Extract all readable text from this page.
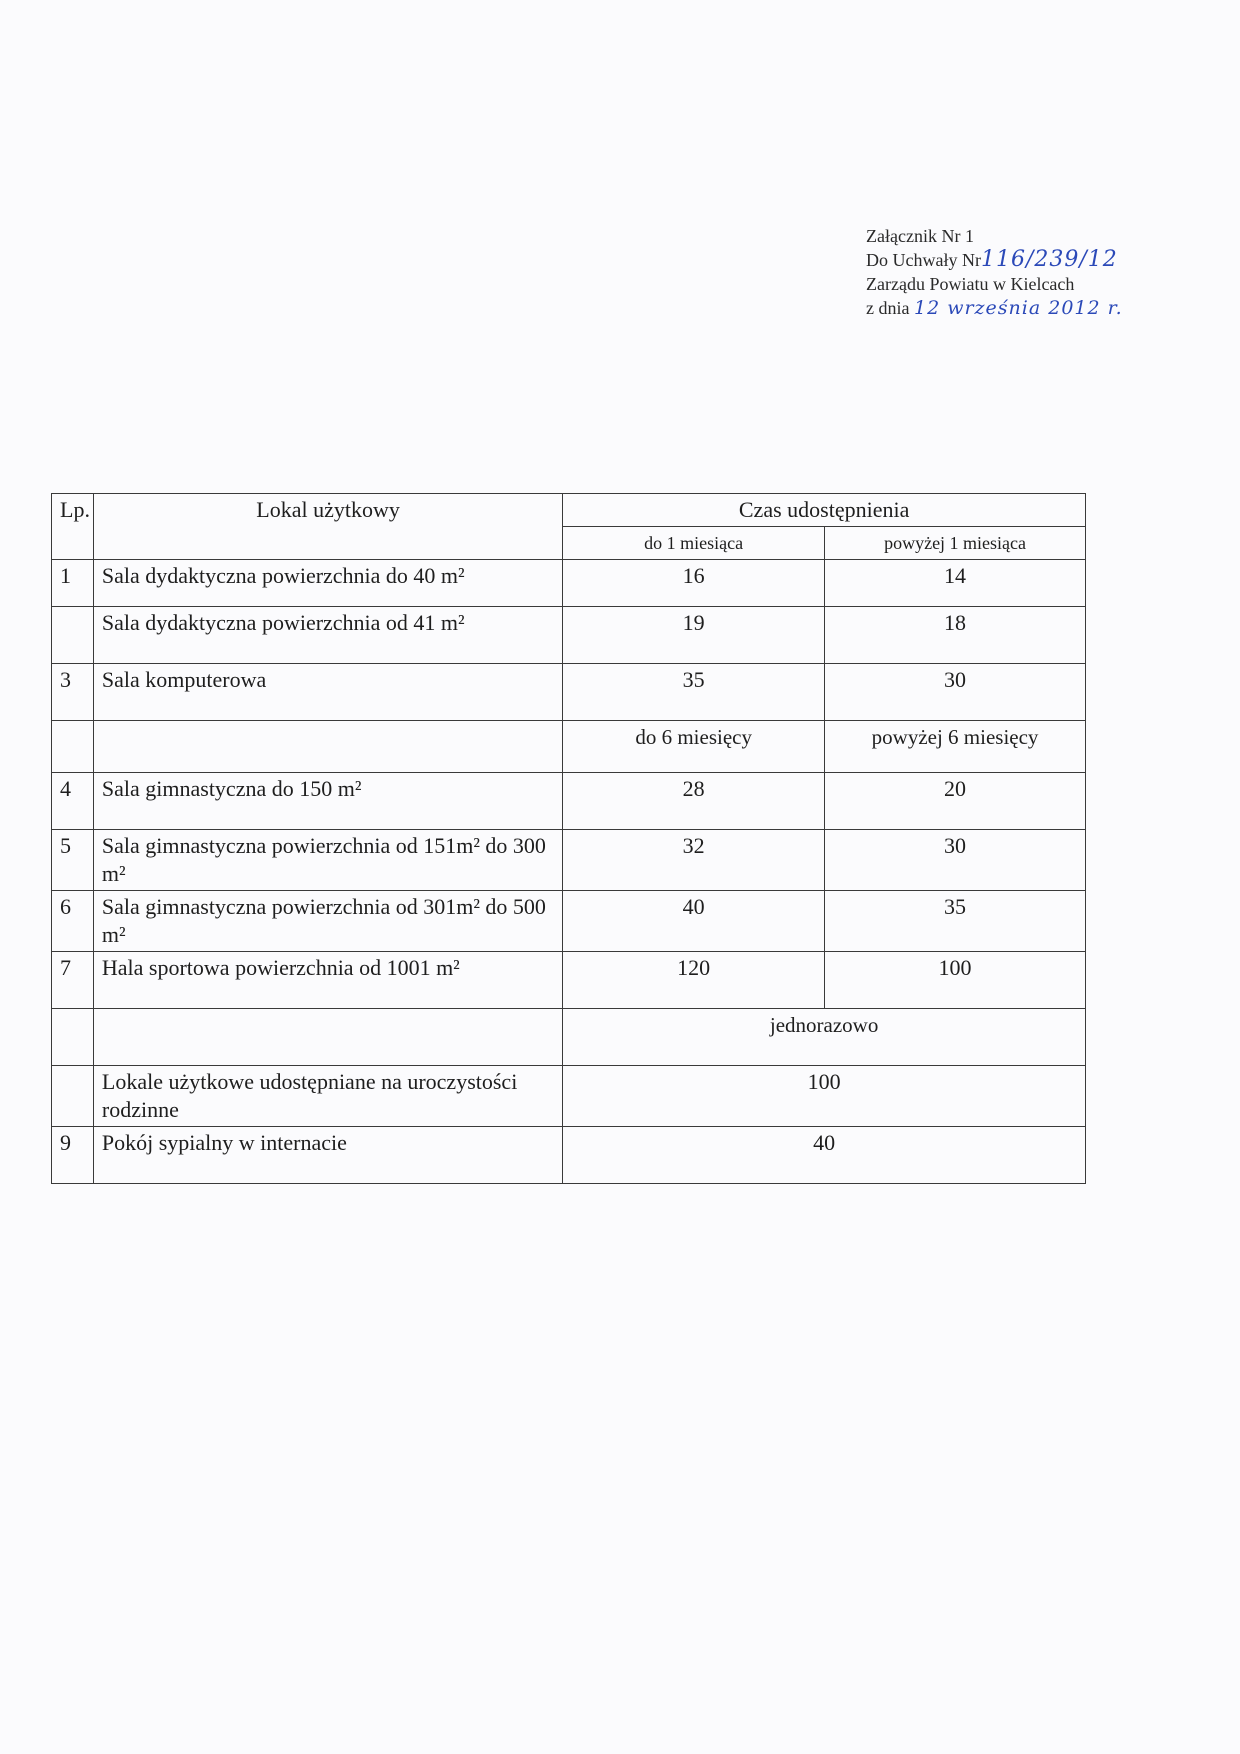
Załącznik Nr 1
Do Uchwały Nr116/239/12
Zarządu Powiatu w Kielcach
z dnia 12 września 2012 r.
Lp.	Lokal użytkowy	Czas udostępnienia	
		do 1 miesiąca	powyżej 1 miesiąca
1	Sala dydaktyczna powierzchnia do 40 m²	16	14
	Sala dydaktyczna powierzchnia od 41 m²	19	18
3	Sala komputerowa	35	30
		do 6 miesięcy	powyżej 6 miesięcy
4	Sala gimnastyczna do 150 m²	28	20
5	Sala gimnastyczna powierzchnia od 151m² do 300 m²	32	30
6	Sala gimnastyczna powierzchnia od 301m² do 500 m²	40	35
7	Hala sportowa powierzchnia od 1001 m²	120	100
		jednorazowo	
	Lokale użytkowe udostępniane na uroczystości rodzinne	100	
9	Pokój sypialny w internacie	40	
